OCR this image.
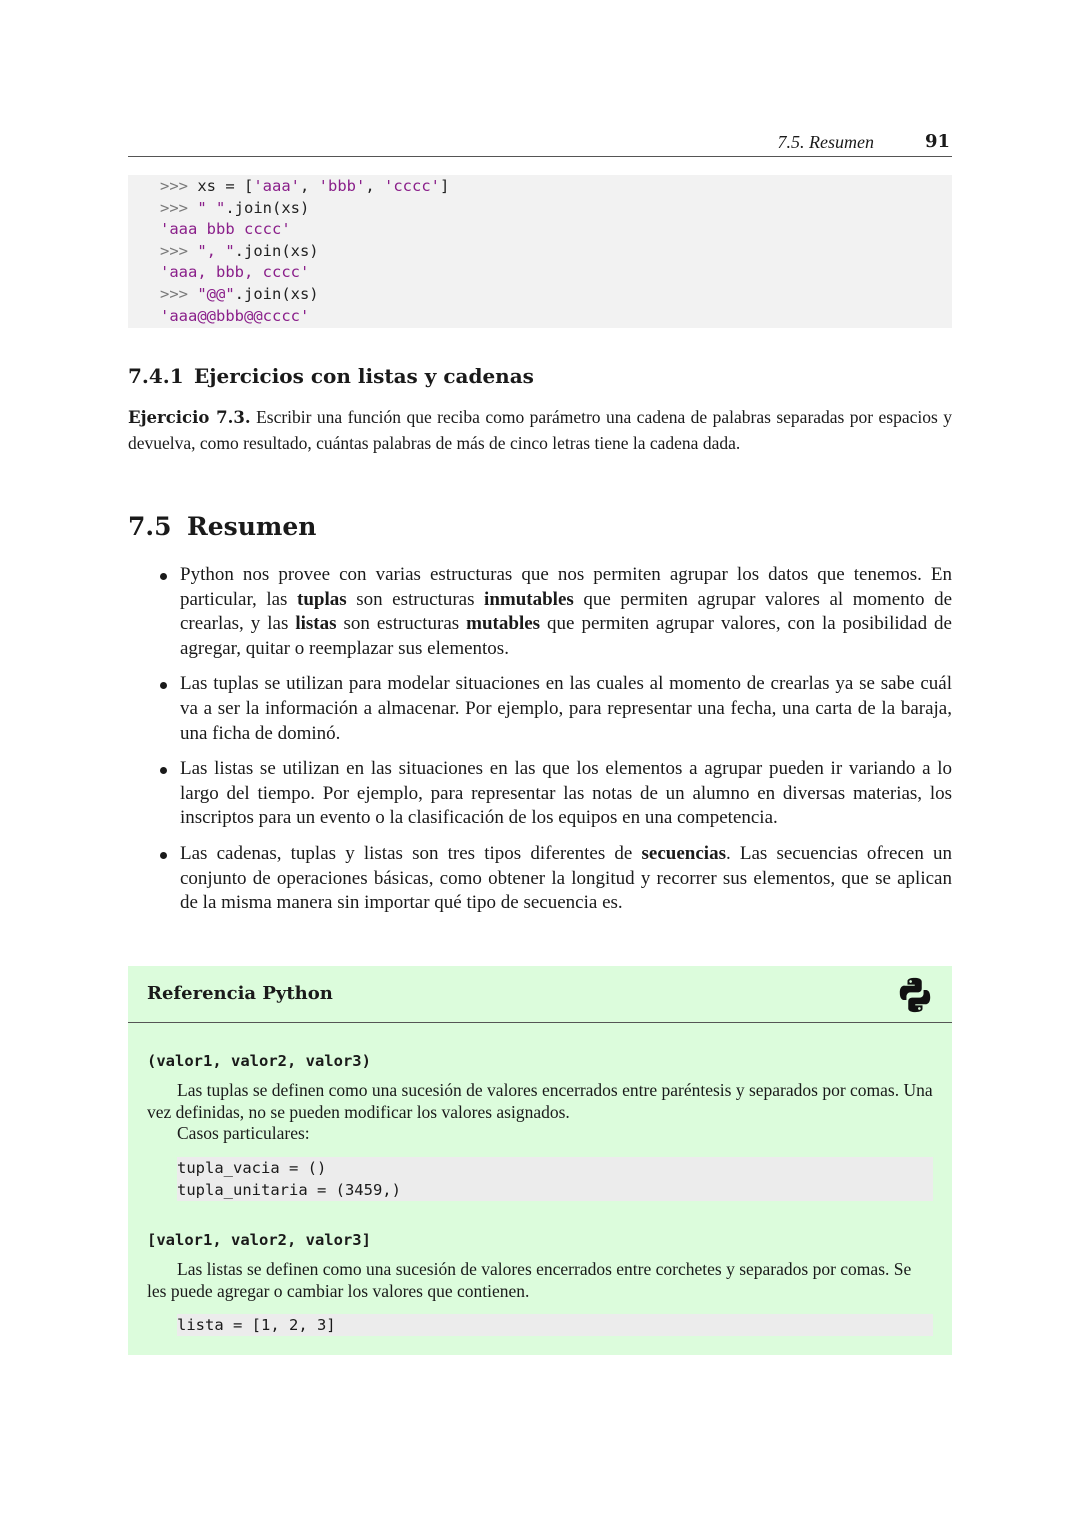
7.5. Resumen	91
>>> xs = ['aaa', 'bbb', 'cccc']
>>> " ".join(xs)
'aaa bbb cccc'
>>> ", ".join(xs)
'aaa, bbb, cccc'
>>> "@@".join(xs)
'aaa@@bbb@@cccc'
7.4.1 Ejercicios con listas y cadenas
Ejercicio 7.3. Escribir una función que reciba como parámetro una cadena de palabras separadas por espacios y devuelva, como resultado, cuántas palabras de más de cinco letras tiene la cadena dada.
7.5 Resumen
Python nos provee con varias estructuras que nos permiten agrupar los datos que tenemos. En particular, las tuplas son estructuras inmutables que permiten agrupar valores al momento de crearlas, y las listas son estructuras mutables que permiten agrupar valores, con la posibilidad de agregar, quitar o reemplazar sus elementos.
Las tuplas se utilizan para modelar situaciones en las cuales al momento de crearlas ya se sabe cuál va a ser la información a almacenar. Por ejemplo, para representar una fecha, una carta de la baraja, una ficha de dominó.
Las listas se utilizan en las situaciones en las que los elementos a agrupar pueden ir variando a lo largo del tiempo. Por ejemplo, para representar las notas de un alumno en diversas materias, los inscriptos para un evento o la clasificación de los equipos en una competencia.
Las cadenas, tuplas y listas son tres tipos diferentes de secuencias. Las secuencias ofrecen un conjunto de operaciones básicas, como obtener la longitud y recorrer sus elementos, que se aplican de la misma manera sin importar qué tipo de secuencia es.
Referencia Python
(valor1, valor2, valor3)
Las tuplas se definen como una sucesión de valores encerrados entre paréntesis y separados por comas. Una vez definidas, no se pueden modificar los valores asignados.
Casos particulares:
tupla_vacia = ()
tupla_unitaria = (3459,)
[valor1, valor2, valor3]
Las listas se definen como una sucesión de valores encerrados entre corchetes y separados por comas. Se les puede agregar o cambiar los valores que contienen.
lista = [1, 2, 3]
